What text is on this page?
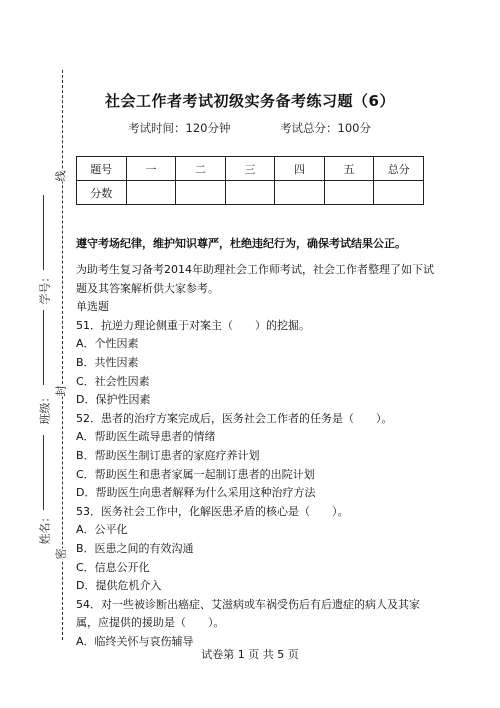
线
封
密
学号：
班级：
姓名：
社会工作者考试初级实务备考练习题（6）
考试时间：120分钟	考试总分：100分
题号	一	二	三	四	五	总分
分数						
遵守考场纪律，维护知识尊严，杜绝违纪行为，确保考试结果公正。
为助考生复习备考2014年助理社会工作师考试，社会工作者整理了如下试题及其答案解析供大家参考。
单选题
51．抗逆力理论侧重于对案主（　　）的挖掘。
A．个性因素
B．共性因素
C．社会性因素
D．保护性因素
52．患者的治疗方案完成后，医务社会工作者的任务是（　　）。
A．帮助医生疏导患者的情绪
B．帮助医生制订患者的家庭疗养计划
C．帮助医生和患者家属一起制订患者的出院计划
D．帮助医生向患者解释为什么采用这种治疗方法
53．医务社会工作中，化解医患矛盾的核心是（　　）。
A．公平化
B．医患之间的有效沟通
C．信息公开化
D．提供危机介入
54．对一些被诊断出癌症、艾滋病或车祸受伤后有后遗症的病人及其家属，应提供的援助是（　　）。
A．临终关怀与哀伤辅导
试卷第 1 页 共 5 页
